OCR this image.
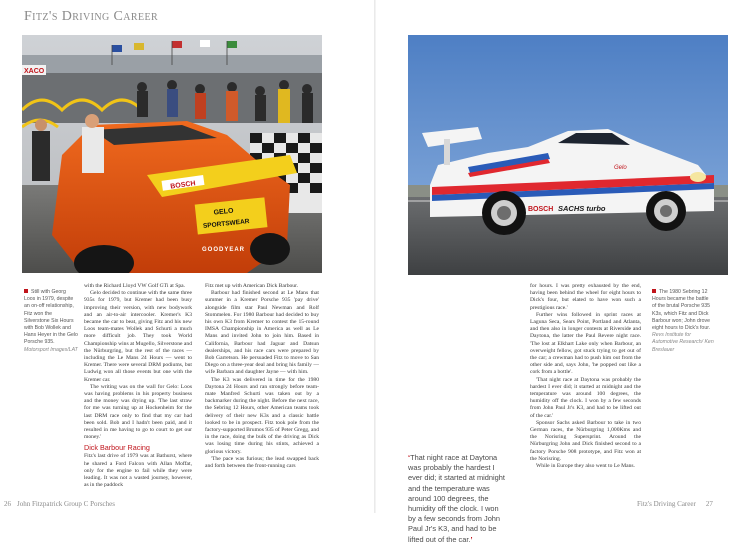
Fitz's Driving Career
XACO
BOSCH
GELO
SPORTSWEAR
GOODYEAR
BOSCH SACHS turbo
Gelo
Still with Georg Loos in 1979, despite an on-off relationship, Fitz won the Silverstone Six Hours with Bob Wollek and Hans Heyer in the Gelo Porsche 935.
Motorsport Images/LAT

with the Richard Lloyd VW Golf GTi at Spa.

Gelo decided to continue with the same three 935s for 1979, but Kremer had been busy improving their version, with new bodywork and an air-to-air intercooler. Kremer's K3 became the car to beat, giving Fitz and his new Loos team-mates Wollek and Schurti a much more difficult job. They took World Championship wins at Mugello, Silverstone and the Nürburgring, but the rest of the races — including the Le Mans 24 Hours — went to Kremer. There were several DRM podiums, but Ludwig won all those events but one with the Kremer car.

The writing was on the wall for Gelo: Loos was having problems in his property business and the money was drying up. 'The last straw for me was turning up at Hockenheim for the last DRM race only to find that my car had been sold. Bob and I hadn't been paid, and it resulted in me having to go to court to get our money.'

Dick Barbour Racing

Fitz's last drive of 1979 was at Bathurst, where he shared a Ford Falcon with Allan Moffat, only for the engine to fail while they were leading. It was not a wasted journey, however, as in the paddock

Fitz met up with American Dick Barbour.

Barbour had finished second at Le Mans that summer in a Kremer Porsche 935 'pay drive' alongside film star Paul Newman and Rolf Stommelen. For 1980 Barbour had decided to buy his own K3 from Kremer to contest the 15-round IMSA Championship in America as well as Le Mans and invited John to join him. Based in California, Barbour had Jaguar and Datsun dealerships, and his race cars were prepared by Bob Garretson. He persuaded Fitz to move to San Diego on a three-year deal and bring his family — wife Barbara and daughter Jayne — with him.

The K3 was delivered in time for the 1980 Daytona 24 Hours and ran strongly before team-mate Manfred Schurti was taken out by a backmarker during the night. Before the next race, the Sebring 12 Hours, other American teams took delivery of their new K3s and a classic battle looked to be in prospect. Fitz took pole from the factory-supported Brumos 935 of Peter Gregg, and in the race, doing the bulk of the driving as Dick was losing time during his stints, achieved a glorious victory.

'The pace was furious; the lead swapped back and forth between the front-running cars

for hours. I was pretty exhausted by the end, having been behind the wheel for eight hours to Dick's four, but elated to have won such a prestigious race.'

Further wins followed in sprint races at Laguna Seca, Sears Point, Portland and Atlanta, and then also in longer contests at Riverside and Daytona, the latter the Paul Revere night race. 'The lost at Elkhart Lake only when Barbour, an overweight fellow, got stuck trying to get out of the car; a crewman had to push him out from the other side and, says John, 'he popped out like a cork from a bottle'.

'That night race at Daytona was probably the hardest I ever did; it started at midnight and the temperature was around 100 degrees, the humidity off the clock. I won by a few seconds from John Paul Jr's K3, and had to be lifted out of the car.'

Sponsor Sachs asked Barbour to take in two German races, the Nürburgring 1,000Kms and the Norisring Supersprint. Around the Nürburgring John and Dick finished second to a factory Porsche 908 prototype, and Fitz won at the Norisring.

While in Europe they also went to Le Mans.

‘That night race at Daytona was probably the hardest I ever did; it started at midnight and the temperature was around 100 degrees, the humidity off the clock. I won by a few seconds from John Paul Jr's K3, and had to be lifted out of the car.’
The 1980 Sebring 12 Hours became the battle of the brutal Porsche 935 K3s, which Fitz and Dick Barbour won; John drove eight hours to Dick's four.
Revs Institute for Automotive Research/ Ken Breslauer
26 John Fitzpatrick Group C Porsches	Fitz's Driving Career 27
